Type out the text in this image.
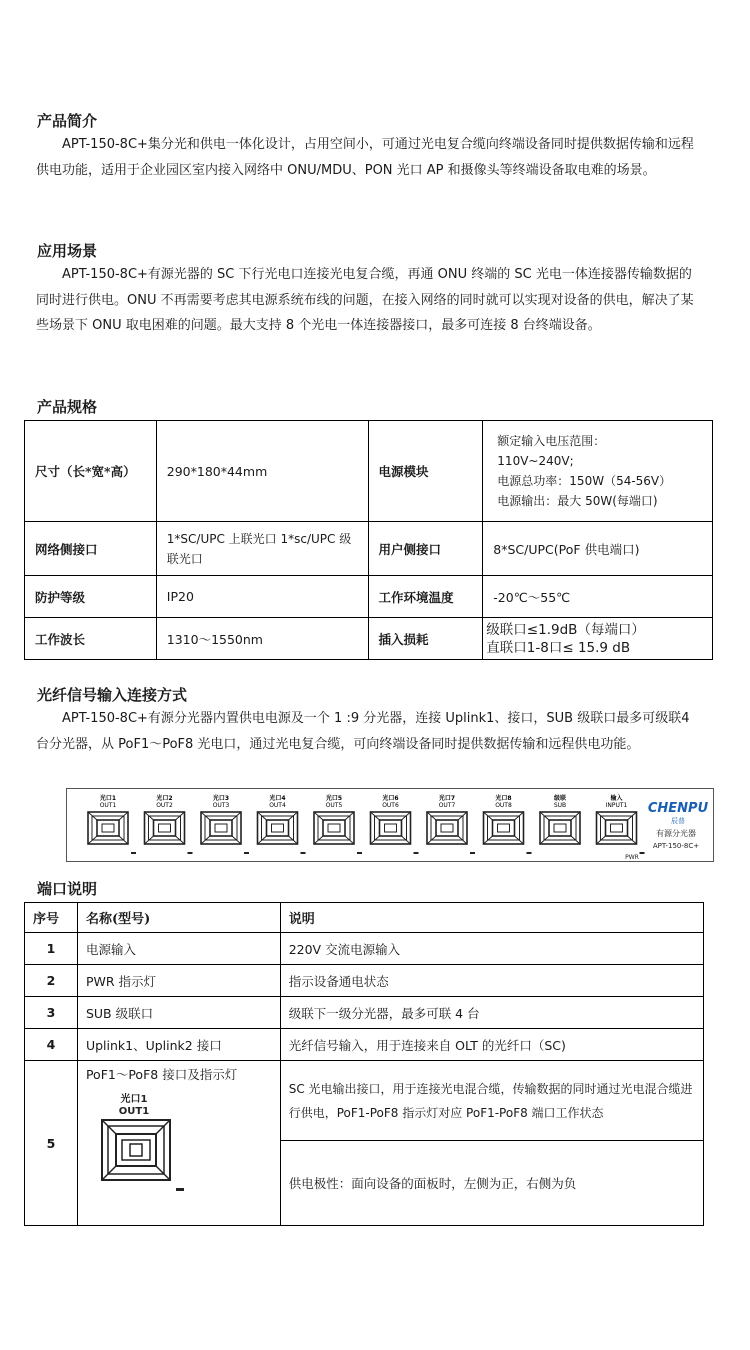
产品简介
APT-150-8C+集分光和供电一体化设计，占用空间小，可通过光电复合缆向终端设备同时提供数据传输和远程供电功能，适用于企业园区室内接入网络中 ONU/MDU、PON 光口 AP 和摄像头等终端设备取电难的场景。
应用场景
APT-150-8C+有源光器的 SC 下行光电口连接光电复合缆，再通 ONU 终端的 SC 光电一体连接器传输数据的同时进行供电。ONU 不再需要考虑其电源系统布线的问题，在接入网络的同时就可以实现对设备的供电，解决了某些场景下 ONU 取电困难的问题。最大支持 8 个光电一体连接器接口，最多可连接 8 台终端设备。
产品规格
尺寸（长*宽*高）	290*180*44mm	电源模块	额定输入电压范围：
110V~240V;
电源总功率：150W（54-56V）
电源输出：最大 50W(每端口)

网络侧接口	1*SC/UPC 上联光口 1*sc/UPC 级联光口	用户侧接口	8*SC/UPC(PoF 供电端口)
防护等级	IP20	工作环境温度	-20℃～55℃
工作波长	1310～1550nm	插入损耗	级联口≤1.9dB（每端口）
直联口1-8口≤ 15.9 dB
光纤信号输入连接方式
APT-150-8C+有源分光器内置供电电源及一个 1 :9 分光器，连接 Uplink1、接口，SUB 级联口最多可级联4 台分光器，从 PoF1～PoF8 光电口，通过光电复合缆，可向终端设备同时提供数据传输和远程供电功能。
光口1
OUT1
光口2
OUT2
光口3
OUT3
光口4
OUT4
光口5
OUT5
光口6
OUT6
光口7
OUT7
光口8
OUT8
级联
SUB
输入
INPUT1 CHENPU
辰普
有源分光器
APT-150-8C+
PWR
端口说明
序号	名称(型号)	说明
1	电源输入	220V 交流电源输入
2	PWR 指示灯	指示设备通电状态
3	SUB 级联口	级联下一级分光器，最多可联 4 台
4	Uplink1、Uplink2 接口	光纤信号输入，用于连接来自 OLT 的光纤口（SC)
5	PoF1～PoF8 接口及指示灯	SC 光电输出接口，用于连接光电混合缆，传输数据的同时通过光电混合缆进行供电，PoF1-PoF8 指示灯对应 PoF1-PoF8 端口工作状态
		供电极性：面向设备的面板时，左侧为正，右侧为负
光口1
OUT1
